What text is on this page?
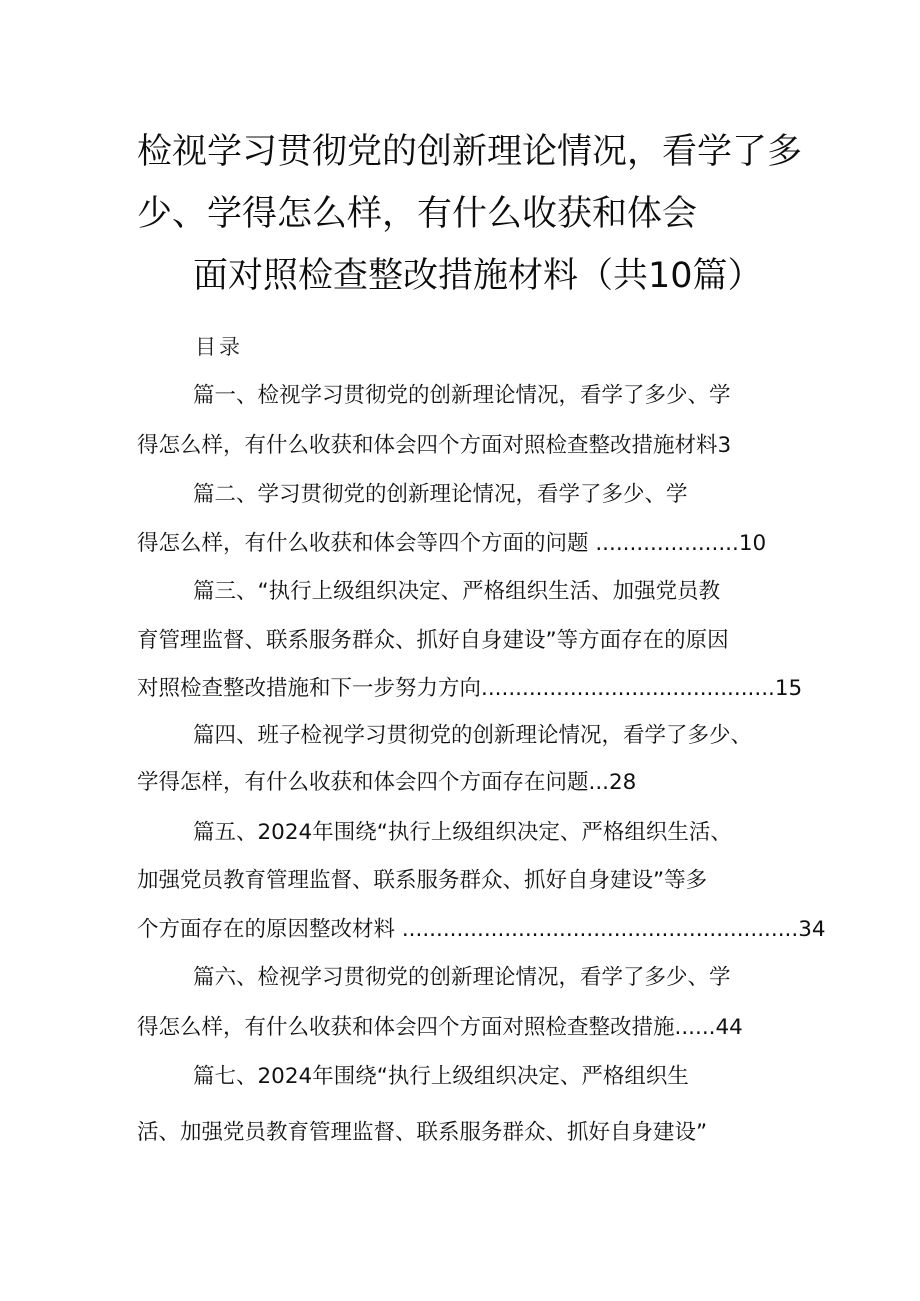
检视学习贯彻党的创新理论情况，看学了多
少、学得怎么样，有什么收获和体会
面对照检查整改措施材料（共10篇）

目录

篇一、检视学习贯彻党的创新理论情况，看学了多少、学

得怎么样，有什么收获和体会四个方面对照检查整改措施材料3

篇二、学习贯彻党的创新理论情况，看学了多少、学

得怎么样，有什么收获和体会等四个方面的问题 .....................10

篇三、“执行上级组织决定、严格组织生活、加强党员教

育管理监督、联系服务群众、抓好自身建设”等方面存在的原因

对照检查整改措施和下一步努力方向...........................................15

篇四、班子检视学习贯彻党的创新理论情况，看学了多少、

学得怎样，有什么收获和体会四个方面存在问题...28

篇五、2024年围绕“执行上级组织决定、严格组织生活、

加强党员教育管理监督、联系服务群众、抓好自身建设”等多

个方面存在的原因整改材料 ..........................................................34

篇六、检视学习贯彻党的创新理论情况，看学了多少、学

得怎么样，有什么收获和体会四个方面对照检查整改措施......44

篇七、2024年围绕“执行上级组织决定、严格组织生

活、加强党员教育管理监督、联系服务群众、抓好自身建设”
